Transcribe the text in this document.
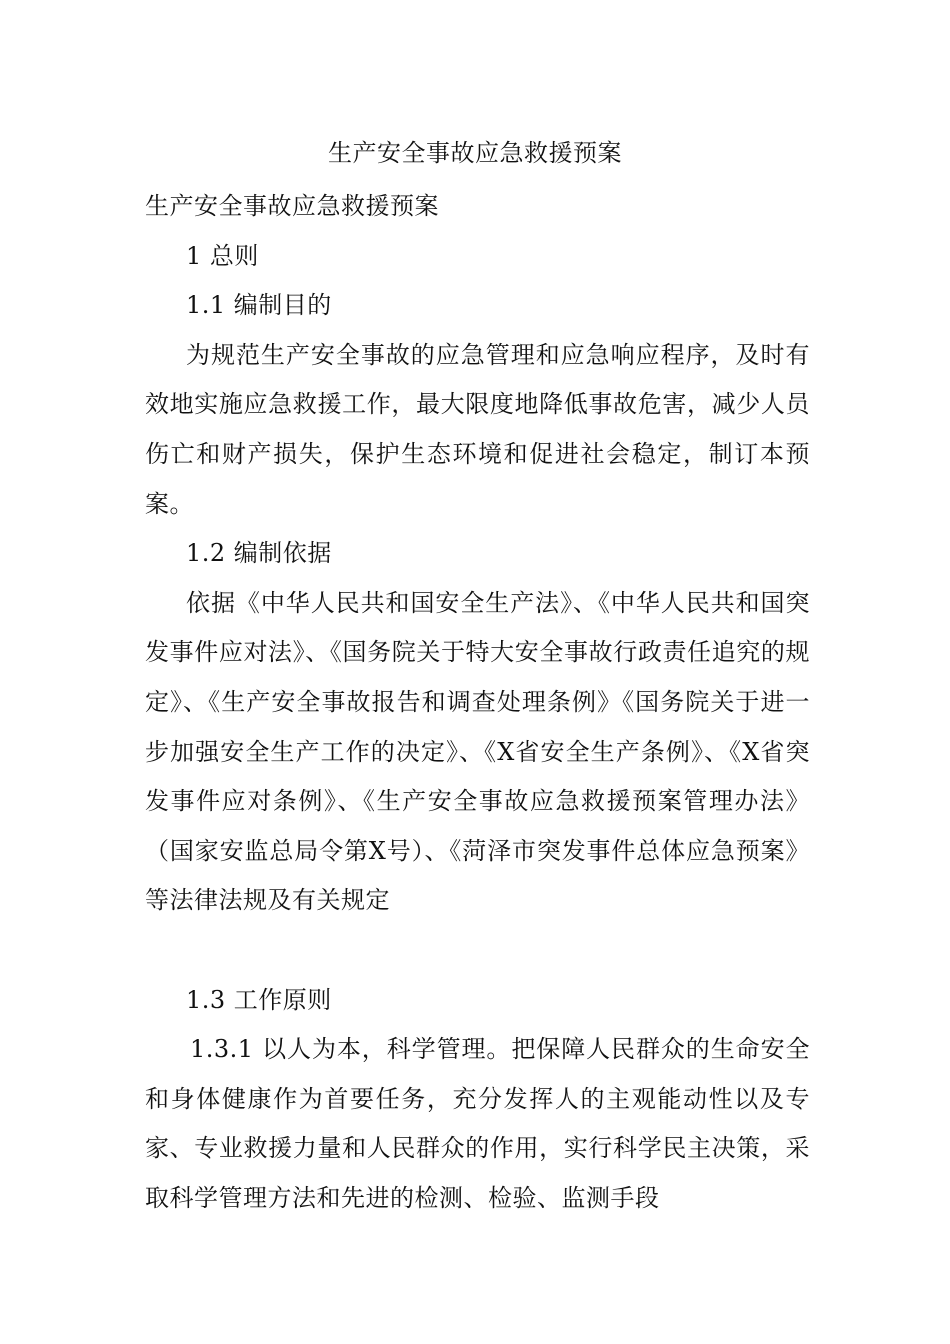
生产安全事故应急救援预案

生产安全事故应急救援预案

1 总则

1.1 编制目的

为规范生产安全事故的应急管理和应急响应程序，及时有效地实施应急救援工作，最大限度地降低事故危害，减少人员伤亡和财产损失，保护生态环境和促进社会稳定，制订本预案。

1.2 编制依据

依据《中华人民共和国安全生产法》、《中华人民共和国突发事件应对法》、《国务院关于特大安全事故行政责任追究的规定》、《生产安全事故报告和调查处理条例》《国务院关于进一步加强安全生产工作的决定》、《X省安全生产条例》、《X省突发事件应对条例》、《生产安全事故应急救援预案管理办法》（国家安监总局令第X号）、《菏泽市突发事件总体应急预案》等法律法规及有关规定

1.3 工作原则

1.3.1 以人为本，科学管理。把保障人民群众的生命安全和身体健康作为首要任务，充分发挥人的主观能动性以及专家、专业救援力量和人民群众的作用，实行科学民主决策，采取科学管理方法和先进的检测、检验、监测手段
